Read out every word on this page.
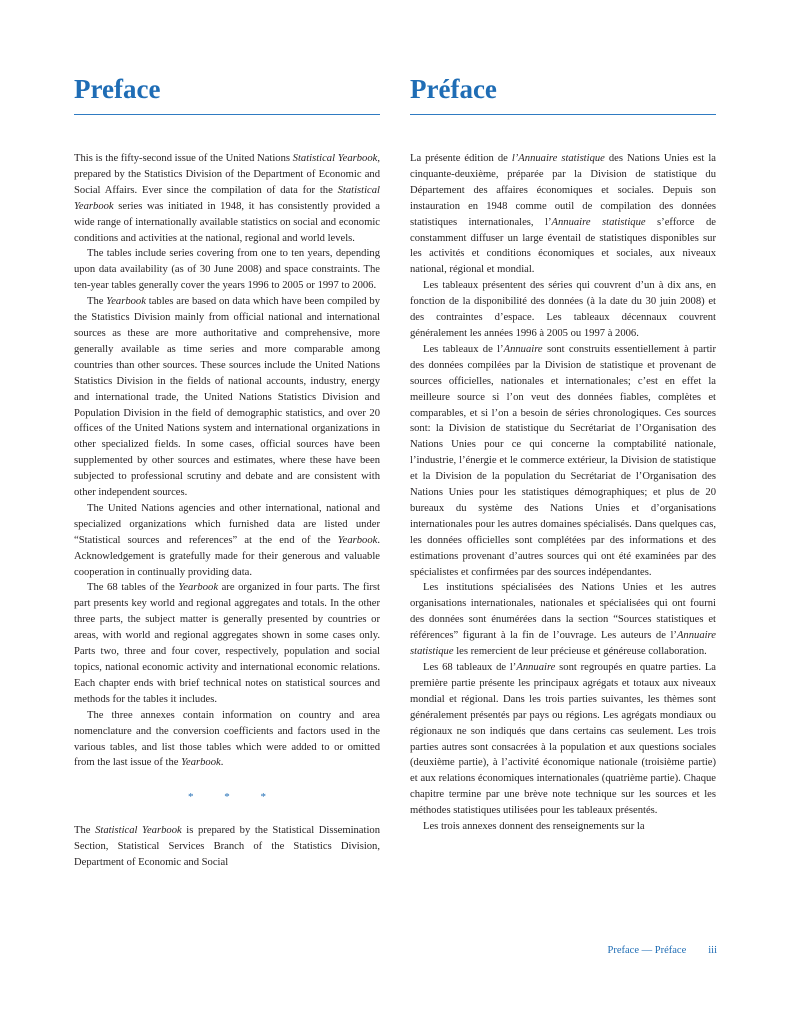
Preface

This is the fifty-second issue of the United Nations Statistical Yearbook, prepared by the Statistics Division of the Department of Economic and Social Affairs. Ever since the compilation of data for the Statistical Yearbook series was initiated in 1948, it has consistently provided a wide range of internationally available statistics on social and economic conditions and activities at the national, regional and world levels.

The tables include series covering from one to ten years, depending upon data availability (as of 30 June 2008) and space constraints. The ten-year tables generally cover the years 1996 to 2005 or 1997 to 2006.

The Yearbook tables are based on data which have been compiled by the Statistics Division mainly from official national and international sources as these are more authoritative and comprehensive, more generally available as time series and more comparable among countries than other sources. These sources include the United Nations Statistics Division in the fields of national accounts, industry, energy and international trade, the United Nations Statistics Division and Population Division in the field of demographic statistics, and over 20 offices of the United Nations system and international organizations in other specialized fields. In some cases, official sources have been supplemented by other sources and estimates, where these have been subjected to professional scrutiny and debate and are consistent with other independent sources.

The United Nations agencies and other international, national and specialized organizations which furnished data are listed under “Statistical sources and references” at the end of the Yearbook. Acknowledgement is gratefully made for their generous and valuable cooperation in continually providing data.

The 68 tables of the Yearbook are organized in four parts. The first part presents key world and regional aggregates and totals. In the other three parts, the subject matter is generally presented by countries or areas, with world and regional aggregates shown in some cases only. Parts two, three and four cover, respectively, population and social topics, national economic activity and international economic relations. Each chapter ends with brief technical notes on statistical sources and methods for the tables it includes.

The three annexes contain information on country and area nomenclature and the conversion coefficients and factors used in the various tables, and list those tables which were added to or omitted from the last issue of the Yearbook.

* * *

The Statistical Yearbook is prepared by the Statistical Dissemination Section, Statistical Services Branch of the Statistics Division, Department of Economic and Social

Préface

La présente édition de l’Annuaire statistique des Nations Unies est la cinquante-deuxième, préparée par la Division de statistique du Département des affaires économiques et sociales. Depuis son instauration en 1948 comme outil de compilation des données statistiques internationales, l’Annuaire statistique s’efforce de constamment diffuser un large éventail de statistiques disponibles sur les activités et conditions économiques et sociales, aux niveaux national, régional et mondial.

Les tableaux présentent des séries qui couvrent d’un à dix ans, en fonction de la disponibilité des données (à la date du 30 juin 2008) et des contraintes d’espace. Les tableaux décennaux couvrent généralement les années 1996 à 2005 ou 1997 à 2006.

Les tableaux de l’Annuaire sont construits essentiellement à partir des données compilées par la Division de statistique et provenant de sources officielles, nationales et internationales; c’est en effet la meilleure source si l’on veut des données fiables, complètes et comparables, et si l’on a besoin de séries chronologiques. Ces sources sont: la Division de statistique du Secrétariat de l’Organisation des Nations Unies pour ce qui concerne la comptabilité nationale, l’industrie, l’énergie et le commerce extérieur, la Division de statistique et la Division de la population du Secrétariat de l’Organisation des Nations Unies pour les statistiques démographiques; et plus de 20 bureaux du système des Nations Unies et d’organisations internationales pour les autres domaines spécialisés. Dans quelques cas, les données officielles sont complétées par des informations et des estimations provenant d’autres sources qui ont été examinées par des spécialistes et confirmées par des sources indépendantes.

Les institutions spécialisées des Nations Unies et les autres organisations internationales, nationales et spécialisées qui ont fourni des données sont énumérées dans la section “Sources statistiques et références” figurant à la fin de l’ouvrage. Les auteurs de l’Annuaire statistique les remercient de leur précieuse et généreuse collaboration.

Les 68 tableaux de l’Annuaire sont regroupés en quatre parties. La première partie présente les principaux agrégats et totaux aux niveaux mondial et régional. Dans les trois parties suivantes, les thèmes sont généralement présentés par pays ou régions. Les agrégats mondiaux ou régionaux ne son indiqués que dans certains cas seulement. Les trois parties autres sont consacrées à la population et aux questions sociales (deuxième partie), à l’activité économique nationale (troisième partie) et aux relations économiques internationales (quatrième partie). Chaque chapitre termine par une brève note technique sur les sources et les méthodes statistiques utilisées pour les tableaux présentés.

Les trois annexes donnent des renseignements sur la

Preface — Préface iii
